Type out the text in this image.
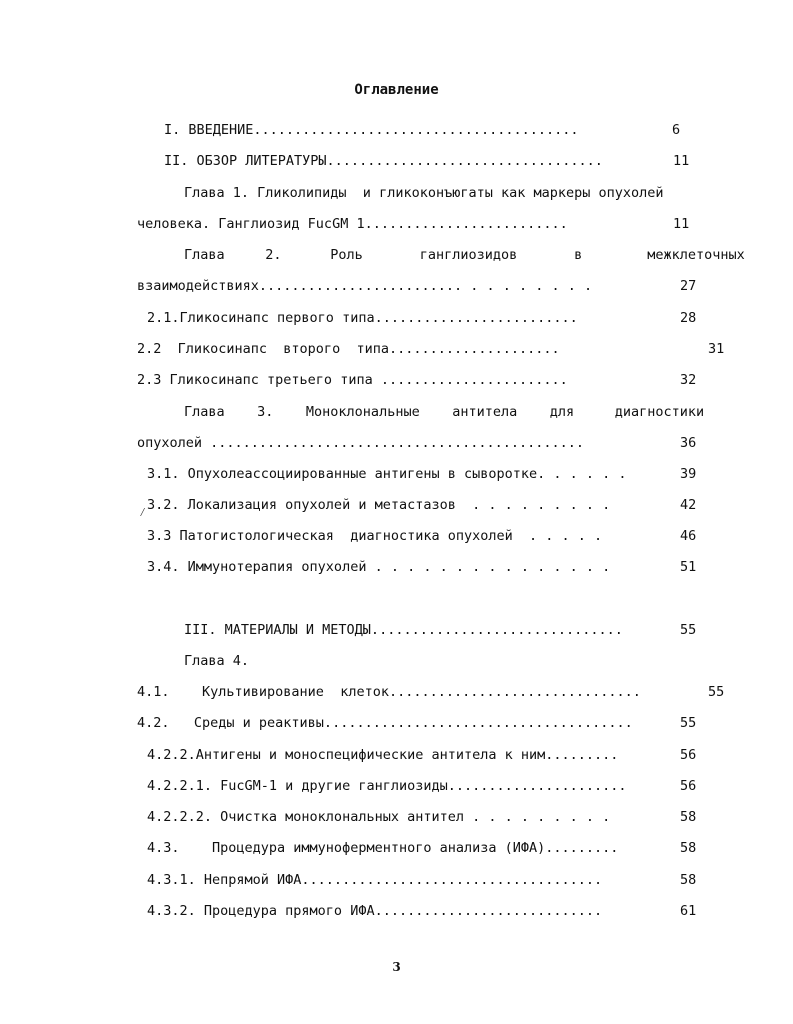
Оглавление
I. ВВЕДЕНИЕ........................................	6
II. ОБЗОР ЛИТЕРАТУРЫ..................................	11
Глава 1. Гликолипиды  и гликоконъюгаты как маркеры опухолей
человека. Ганглиозид FucGM 1.........................	11
Глава     2.      Роль       ганглиозидов       в        межклеточных
взаимодействиях......................... . . . . . . . .	27
2.1.Гликосинапс первого типа.........................	28
2.2  Гликосинапс  второго  типа.....................	31
2.3 Гликосинапс третьего типа .......................	32
Глава    3.    Моноклональные    антитела    для     диагностики
опухолей ..............................................	36
3.1. Опухолеассоциированные антигены в сыворотке. . . . . .	39
⁄ 3.2. Локализация опухолей и метастазов  . . . . . . . . .	42
3.3 Патогистологическая  диагностика опухолей  . . . . .	46
3.4. Иммунотерапия опухолей . . . . . . . . . . . . . . .	51
III. МАТЕРИАЛЫ И МЕТОДЫ...............................	55
Глава 4.
4.1.    Культивирование  клеток...............................	55
4.2.   Среды и реактивы......................................	55
4.2.2.Антигены и моноспецифические антитела к ним.........	56
4.2.2.1. FucGM-1 и другие ганглиозиды......................	56
4.2.2.2. Очистка моноклональных антител . . . . . . . . .	58
4.3.    Процедура иммуноферментного анализа (ИФА).........	58
4.3.1. Непрямой ИФА.....................................	58
4.3.2. Процедура прямого ИФА............................	61
3
